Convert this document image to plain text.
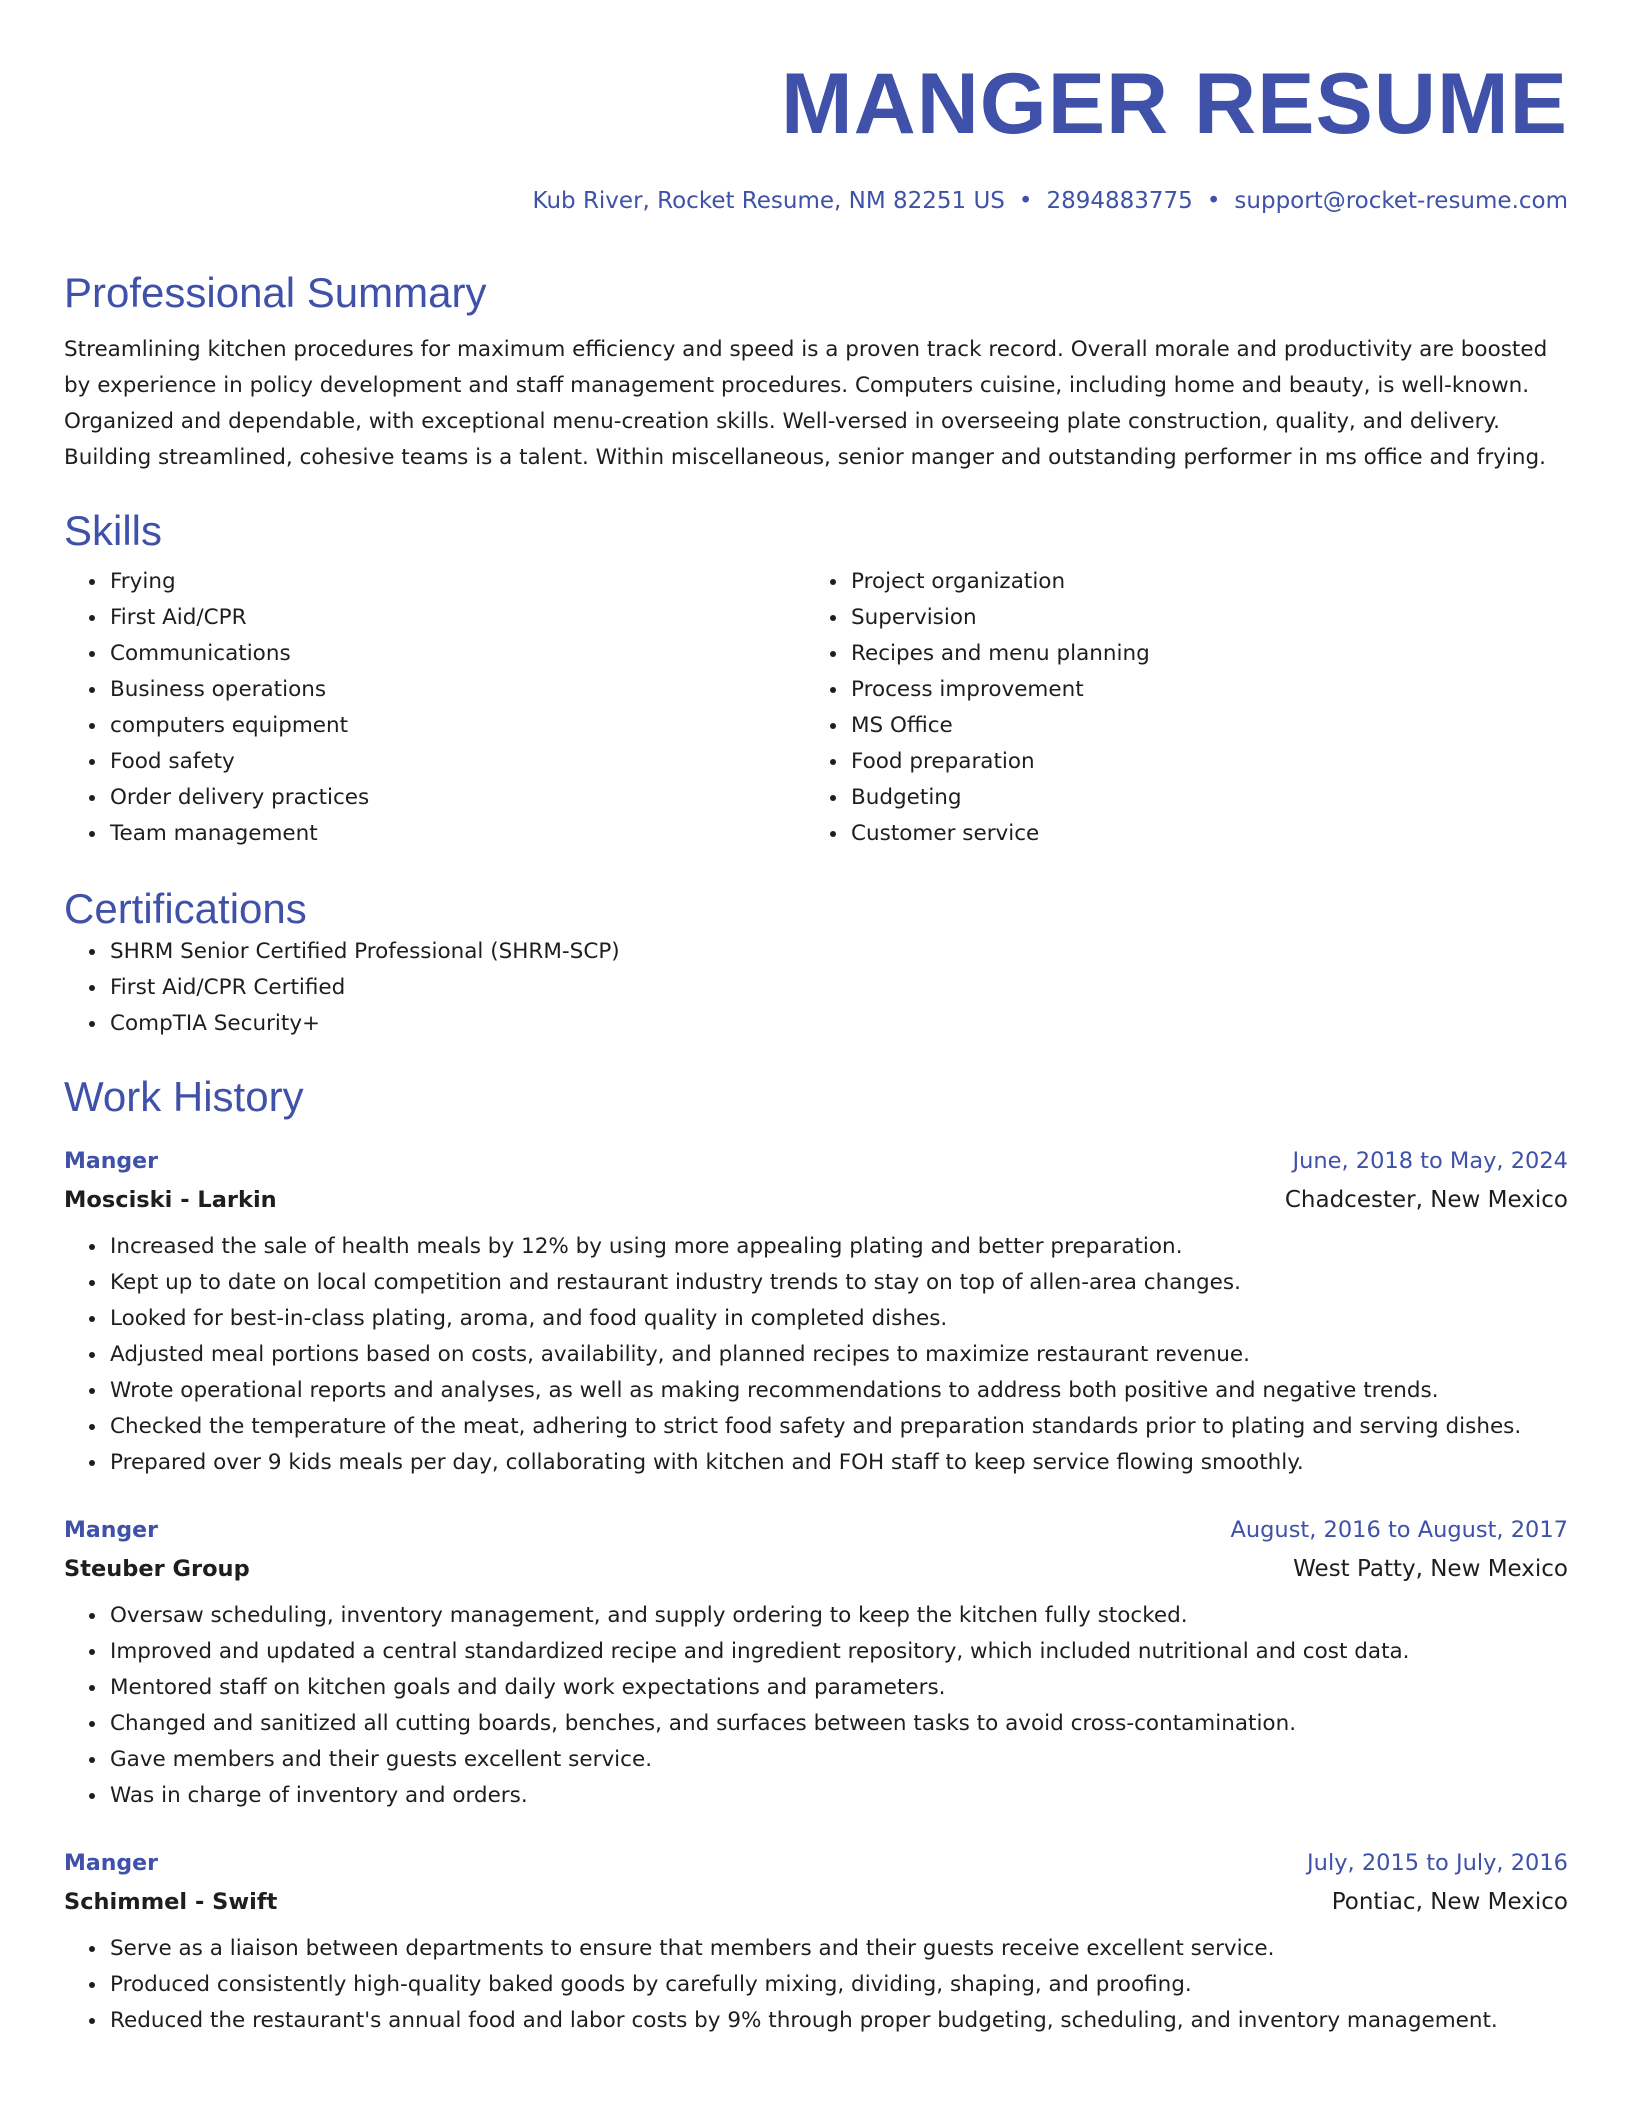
MANGER RESUME
Kub River, Rocket Resume, NM 82251 US • 2894883775 • support@rocket-resume.com
Professional Summary
Streamlining kitchen procedures for maximum efficiency and speed is a proven track record. Overall morale and productivity are boosted by experience in policy development and staff management procedures. Computers cuisine, including home and beauty, is well-known. Organized and dependable, with exceptional menu-creation skills. Well-versed in overseeing plate construction, quality, and delivery. Building streamlined, cohesive teams is a talent. Within miscellaneous, senior manger and outstanding performer in ms office and frying.
Skills
• Frying
• First Aid/CPR
• Communications
• Business operations
• computers equipment
• Food safety
• Order delivery practices
• Team management
• Project organization
• Supervision
• Recipes and menu planning
• Process improvement
• MS Office
• Food preparation
• Budgeting
• Customer service
Certifications
• SHRM Senior Certified Professional (SHRM-SCP)
• First Aid/CPR Certified
• CompTIA Security+
Work History
Manger	June, 2018 to May, 2024
Mosciski - Larkin	Chadcester, New Mexico
• Increased the sale of health meals by 12% by using more appealing plating and better preparation.
• Kept up to date on local competition and restaurant industry trends to stay on top of allen-area changes.
• Looked for best-in-class plating, aroma, and food quality in completed dishes.
• Adjusted meal portions based on costs, availability, and planned recipes to maximize restaurant revenue.
• Wrote operational reports and analyses, as well as making recommendations to address both positive and negative trends.
• Checked the temperature of the meat, adhering to strict food safety and preparation standards prior to plating and serving dishes.
• Prepared over 9 kids meals per day, collaborating with kitchen and FOH staff to keep service flowing smoothly.
Manger	August, 2016 to August, 2017
Steuber Group	West Patty, New Mexico
• Oversaw scheduling, inventory management, and supply ordering to keep the kitchen fully stocked.
• Improved and updated a central standardized recipe and ingredient repository, which included nutritional and cost data.
• Mentored staff on kitchen goals and daily work expectations and parameters.
• Changed and sanitized all cutting boards, benches, and surfaces between tasks to avoid cross-contamination.
• Gave members and their guests excellent service.
• Was in charge of inventory and orders.
Manger	July, 2015 to July, 2016
Schimmel - Swift	Pontiac, New Mexico
• Serve as a liaison between departments to ensure that members and their guests receive excellent service.
• Produced consistently high-quality baked goods by carefully mixing, dividing, shaping, and proofing.
• Reduced the restaurant's annual food and labor costs by 9% through proper budgeting, scheduling, and inventory management.
